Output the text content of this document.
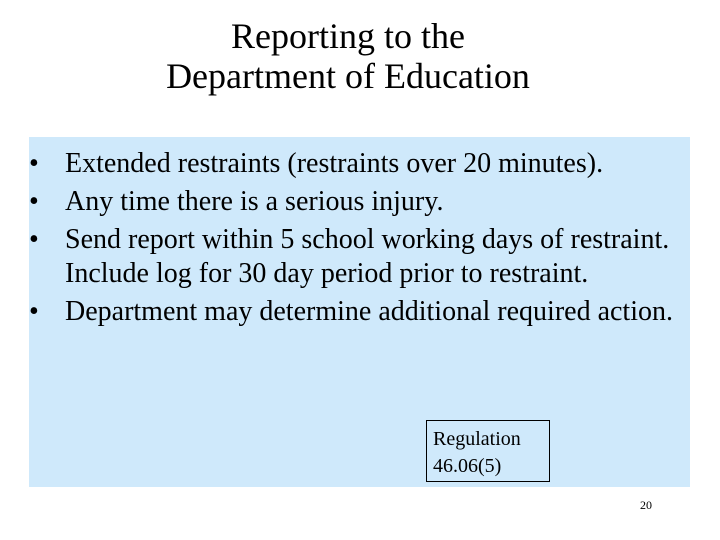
Reporting to the
Department of Education
• Extended restraints (restraints over 20 minutes).
• Any time there is a serious injury.
• Send report within 5 school working days of restraint. Include log for 30 day period prior to restraint.
• Department may determine additional required action.
Regulation
46.06(5)
20
